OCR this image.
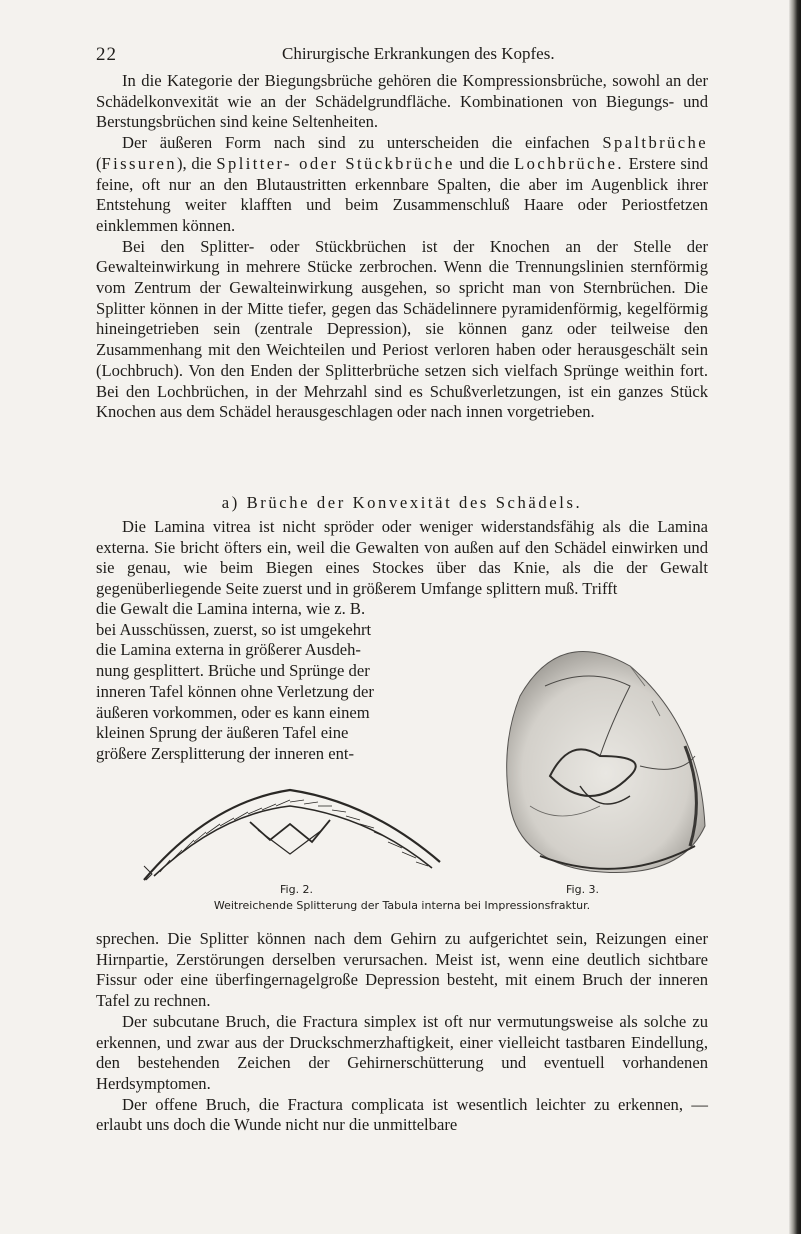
22	Chirurgische Erkrankungen des Kopfes.

In die Kategorie der Biegungsbrüche gehören die Kompressionsbrüche, sowohl an der Schädelkonvexität wie an der Schädelgrundfläche. Kombinationen von Biegungs- und Berstungsbrüchen sind keine Seltenheiten.

Der äußeren Form nach sind zu unterscheiden die einfachen Spaltbrüche (Fissuren), die Splitter- oder Stückbrüche und die Lochbrüche. Erstere sind feine, oft nur an den Blutaustritten erkennbare Spalten, die aber im Augenblick ihrer Entstehung weiter klafften und beim Zusammenschluß Haare oder Periostfetzen einklemmen können.

Bei den Splitter- oder Stückbrüchen ist der Knochen an der Stelle der Gewalteinwirkung in mehrere Stücke zerbrochen. Wenn die Trennungslinien sternförmig vom Zentrum der Gewalteinwirkung ausgehen, so spricht man von Sternbrüchen. Die Splitter können in der Mitte tiefer, gegen das Schädelinnere pyramidenförmig, kegelförmig hineingetrieben sein (zentrale Depression), sie können ganz oder teilweise den Zusammenhang mit den Weichteilen und Periost verloren haben oder herausgeschält sein (Lochbruch). Von den Enden der Splitterbrüche setzen sich vielfach Sprünge weithin fort. Bei den Lochbrüchen, in der Mehrzahl sind es Schußverletzungen, ist ein ganzes Stück Knochen aus dem Schädel herausgeschlagen oder nach innen vorgetrieben.

a) Brüche der Konvexität des Schädels.

Die Lamina vitrea ist nicht spröder oder weniger widerstandsfähig als die Lamina externa. Sie bricht öfters ein, weil die Gewalten von außen auf den Schädel einwirken und sie genau, wie beim Biegen eines Stockes über das Knie, als die der Gewalt gegenüberliegende Seite zuerst und in größerem Umfange splittern muß. Trifft

die Gewalt die Lamina interna, wie z. B.
bei Ausschüssen, zuerst, so ist umgekehrt
die Lamina externa in größerer Ausdeh-
nung gesplittert. Brüche und Sprünge der
inneren Tafel können ohne Verletzung der
äußeren vorkommen, oder es kann einem
kleinen Sprung der äußeren Tafel eine
größere Zersplitterung der inneren ent-
Fig. 2.	Fig. 3.
Weitreichende Splitterung der Tabula interna bei Impressionsfraktur.

sprechen. Die Splitter können nach dem Gehirn zu aufgerichtet sein, Reizungen einer Hirnpartie, Zerstörungen derselben verursachen. Meist ist, wenn eine deutlich sichtbare Fissur oder eine überfingernagelgroße Depression besteht, mit einem Bruch der inneren Tafel zu rechnen.

Der subcutane Bruch, die Fractura simplex ist oft nur vermutungsweise als solche zu erkennen, und zwar aus der Druckschmerzhaftigkeit, einer vielleicht tastbaren Eindellung, den bestehenden Zeichen der Gehirnerschütterung und eventuell vorhandenen Herdsymptomen.

Der offene Bruch, die Fractura complicata ist wesentlich leichter zu erkennen, — erlaubt uns doch die Wunde nicht nur die unmittelbare
